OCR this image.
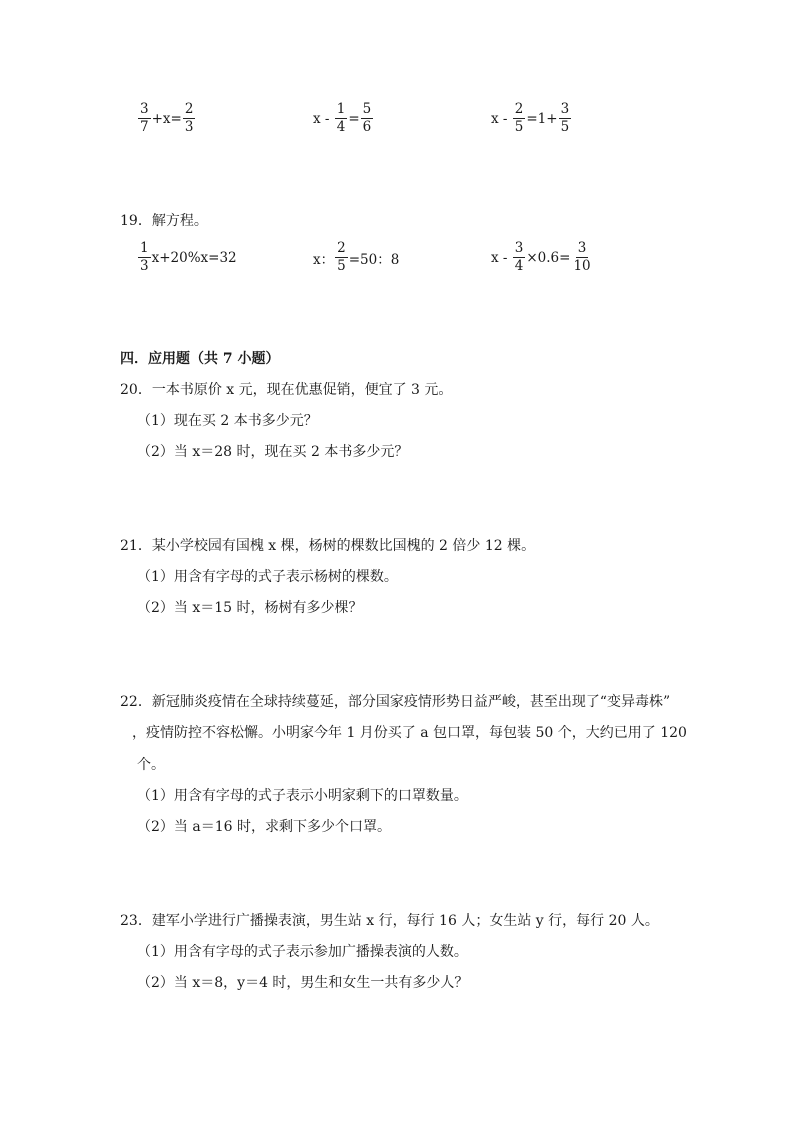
$\frac{3}{7} +x= \frac{2}{3}$	$x - \frac{1}{4} = \frac{5}{6}$	$x - \frac{2}{5} =1+ \frac{3}{5}$
19．解方程。
$\frac{1}{3} x+20\%x=32$	x： $\frac{2}{5} =50$：8	$x - \frac{3}{4} \times 0.6= \frac{3}{10}$
四．应用题（共 7 小题）
20．一本书原价 x 元，现在优惠促销，便宜了 3 元。
（1）现在买 2 本书多少元？
（2）当 x＝28 时，现在买 2 本书多少元？
21．某小学校园有国槐 x 棵，杨树的棵数比国槐的 2 倍少 12 棵。
（1）用含有字母的式子表示杨树的棵数。
（2）当 x＝15 时，杨树有多少棵？
22．新冠肺炎疫情在全球持续蔓延，部分国家疫情形势日益严峻，甚至出现了“变异毒株”
，疫情防控不容松懈。小明家今年 1 月份买了 a 包口罩，每包装 50 个，大约已用了 120
个。
（1）用含有字母的式子表示小明家剩下的口罩数量。
（2）当 a＝16 时，求剩下多少个口罩。
23．建军小学进行广播操表演，男生站 x 行，每行 16 人；女生站 y 行，每行 20 人。
（1）用含有字母的式子表示参加广播操表演的人数。
（2）当 x＝8，y＝4 时，男生和女生一共有多少人？
